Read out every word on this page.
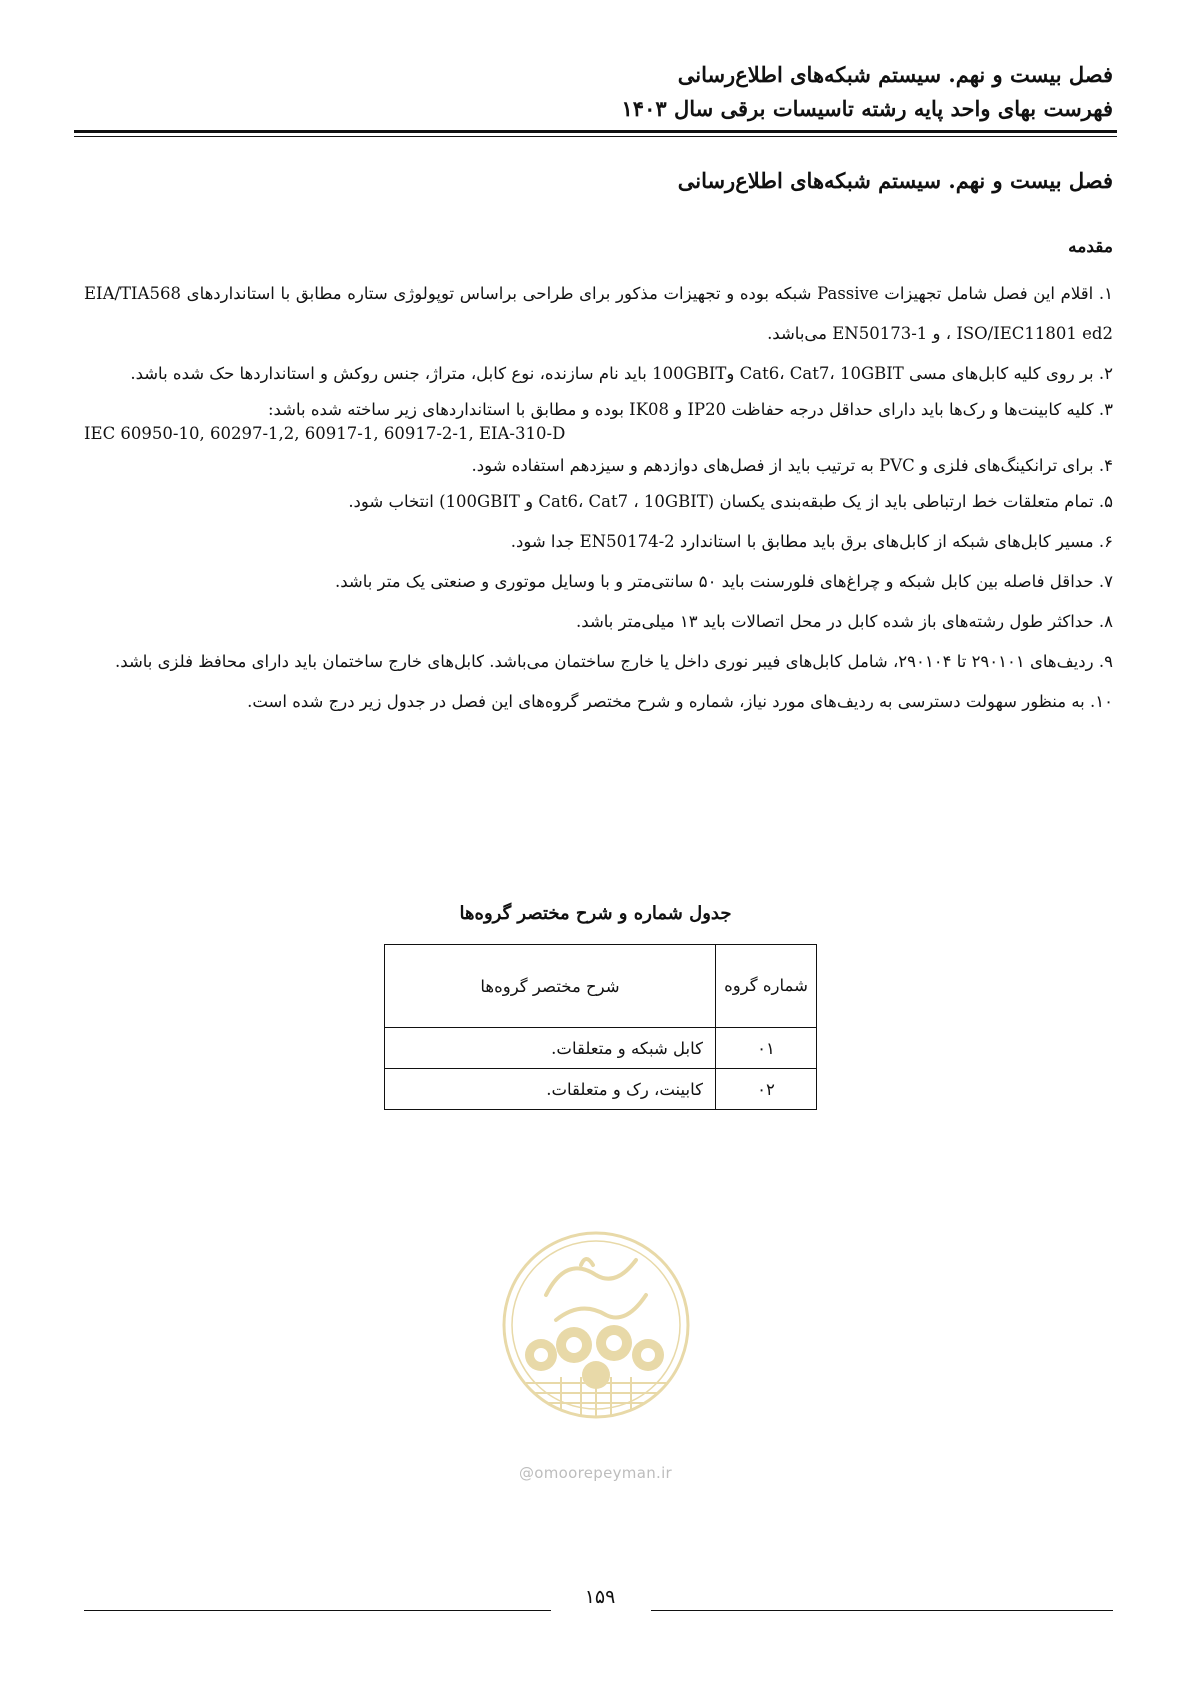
فصل بیست و نهم. سیستم شبکه‌های اطلاع‌رسانی
فهرست بهای واحد پایه رشته تاسیسات برقی سال ۱۴۰۳
فصل بیست و نهم. سیستم شبکه‌های اطلاع‌رسانی
مقدمه

۱. اقلام این فصل شامل تجهیزات Passive شبکه بوده و تجهیزات مذکور برای طراحی براساس توپولوژی ستاره مطابق با استانداردهای EIA/TIA568 ، ISO/IEC11801 ed2 و EN50173-1 می‌باشد.

۲. بر روی کلیه کابل‌های مسی Cat6، Cat7، 10GBIT و100GBIT باید نام سازنده، نوع کابل، متراژ، جنس روکش و استانداردها حک شده باشد.

۳. کلیه کابینت‌ها و رک‌ها باید دارای حداقل درجه حفاظت IP20 و IK08 بوده و مطابق با استانداردهای زیر ساخته شده باشد:

IEC 60950-10, 60297-1,2, 60917-1, 60917-2-1, EIA-310-D

۴. برای ترانکینگ‌های فلزی و PVC به ترتیب باید از فصل‌های دوازدهم و سیزدهم استفاده شود.

۵. تمام متعلقات خط ارتباطی باید از یک طبقه‌بندی یکسان (Cat6، Cat7 ، 10GBIT و 100GBIT) انتخاب شود.

۶. مسیر کابل‌های شبکه از کابل‌های برق باید مطابق با استاندارد EN50174-2 جدا شود.

۷. حداقل فاصله بین کابل شبکه و چراغ‌های فلورسنت باید ۵۰ سانتی‌متر و با وسایل موتوری و صنعتی یک متر باشد.

۸. حداکثر طول رشته‌های باز شده کابل در محل اتصالات باید ۱۳ میلی‌متر باشد.

۹. ردیف‌های ۲۹۰۱۰۱ تا ۲۹۰۱۰۴، شامل کابل‌های فیبر نوری داخل یا خارج ساختمان می‌باشد. کابل‌های خارج ساختمان باید دارای محافظ فلزی باشد.

۱۰. به منظور سهولت دسترسی به ردیف‌های مورد نیاز، شماره و شرح مختصر گروه‌های این فصل در جدول زیر درج شده است.

جدول شماره و شرح مختصر گروه‌ها
شماره گروه	شرح مختصر گروه‌ها
۰۱	کابل شبکه و متعلقات.
۰۲	کابینت، رک و متعلقات.
@omoorepeyman.ir
۱۵۹
